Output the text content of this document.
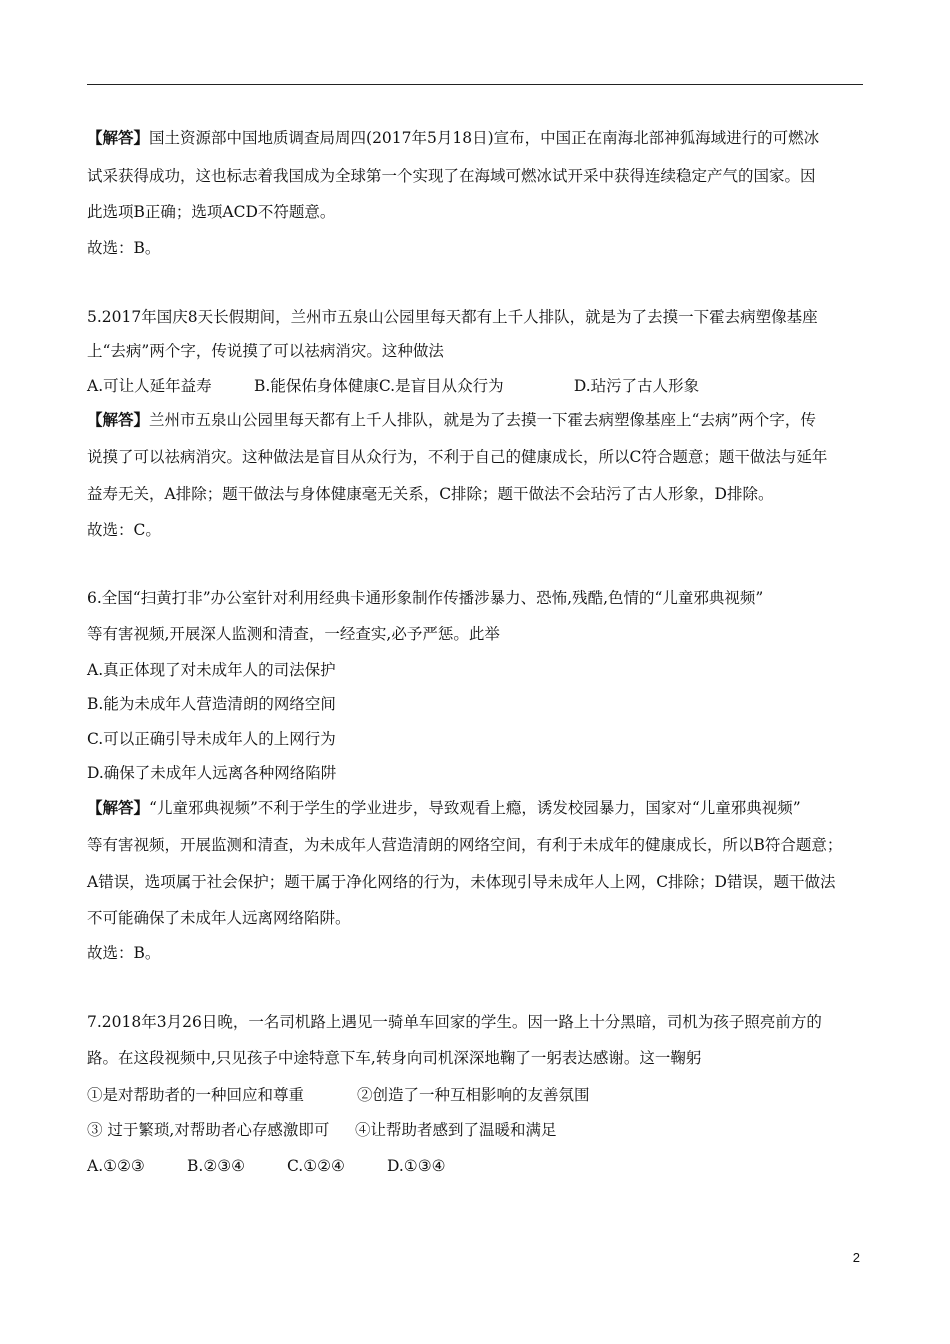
【解答】国土资源部中国地质调查局周四(2017年5月18日)宣布，中国正在南海北部神狐海域进行的可燃冰
试采获得成功，这也标志着我国成为全球第一个实现了在海域可燃冰试开采中获得连续稳定产气的国家。因
此选项B正确；选项ACD不符题意。
故选：B。
5.2017年国庆8天长假期间，兰州市五泉山公园里每天都有上千人排队，就是为了去摸一下霍去病塑像基座
上“去病”两个字，传说摸了可以祛病消灾。这种做法
A.可让人延年益寿	B.能保佑身体健康C.是盲目从众行为	D.玷污了古人形象
【解答】兰州市五泉山公园里每天都有上千人排队，就是为了去摸一下霍去病塑像基座上“去病”两个字，传
说摸了可以祛病消灾。这种做法是盲目从众行为，不利于自己的健康成长，所以C符合题意；题干做法与延年
益寿无关，A排除；题干做法与身体健康毫无关系，C排除；题干做法不会玷污了古人形象，D排除。
故选：C。
6.全国“扫黄打非”办公室针对利用经典卡通形象制作传播涉暴力、恐怖,残酷,色情的“儿童邪典视频”
等有害视频,开展深人监测和清查，一经查实,必予严惩。此举
A.真正体现了对未成年人的司法保护
B.能为未成年人营造清朗的网络空间
C.可以正确引导未成年人的上网行为
D.确保了未成年人远离各种网络陷阱
【解答】“儿童邪典视频”不利于学生的学业进步，导致观看上瘾，诱发校园暴力，国家对“儿童邪典视频”
等有害视频，开展监测和清查，为未成年人营造清朗的网络空间，有利于未成年的健康成长，所以B符合题意；
A错误，选项属于社会保护；题干属于净化网络的行为，未体现引导未成年人上网，C排除；D错误，题干做法
不可能确保了未成年人远离网络陷阱。
故选：B。
7.2018年3月26日晚，一名司机路上遇见一骑单车回家的学生。因一路上十分黑暗，司机为孩子照亮前方的
路。在这段视频中,只见孩子中途特意下车,转身向司机深深地鞠了一躬表达感谢。这一鞠躬
①是对帮助者的一种回应和尊重	②创造了一种互相影响的友善氛围
③ 过于繁琐,对帮助者心存感激即可 ④让帮助者感到了温暖和满足
A.①②③	B.②③④	C.①②④	D.①③④
2
